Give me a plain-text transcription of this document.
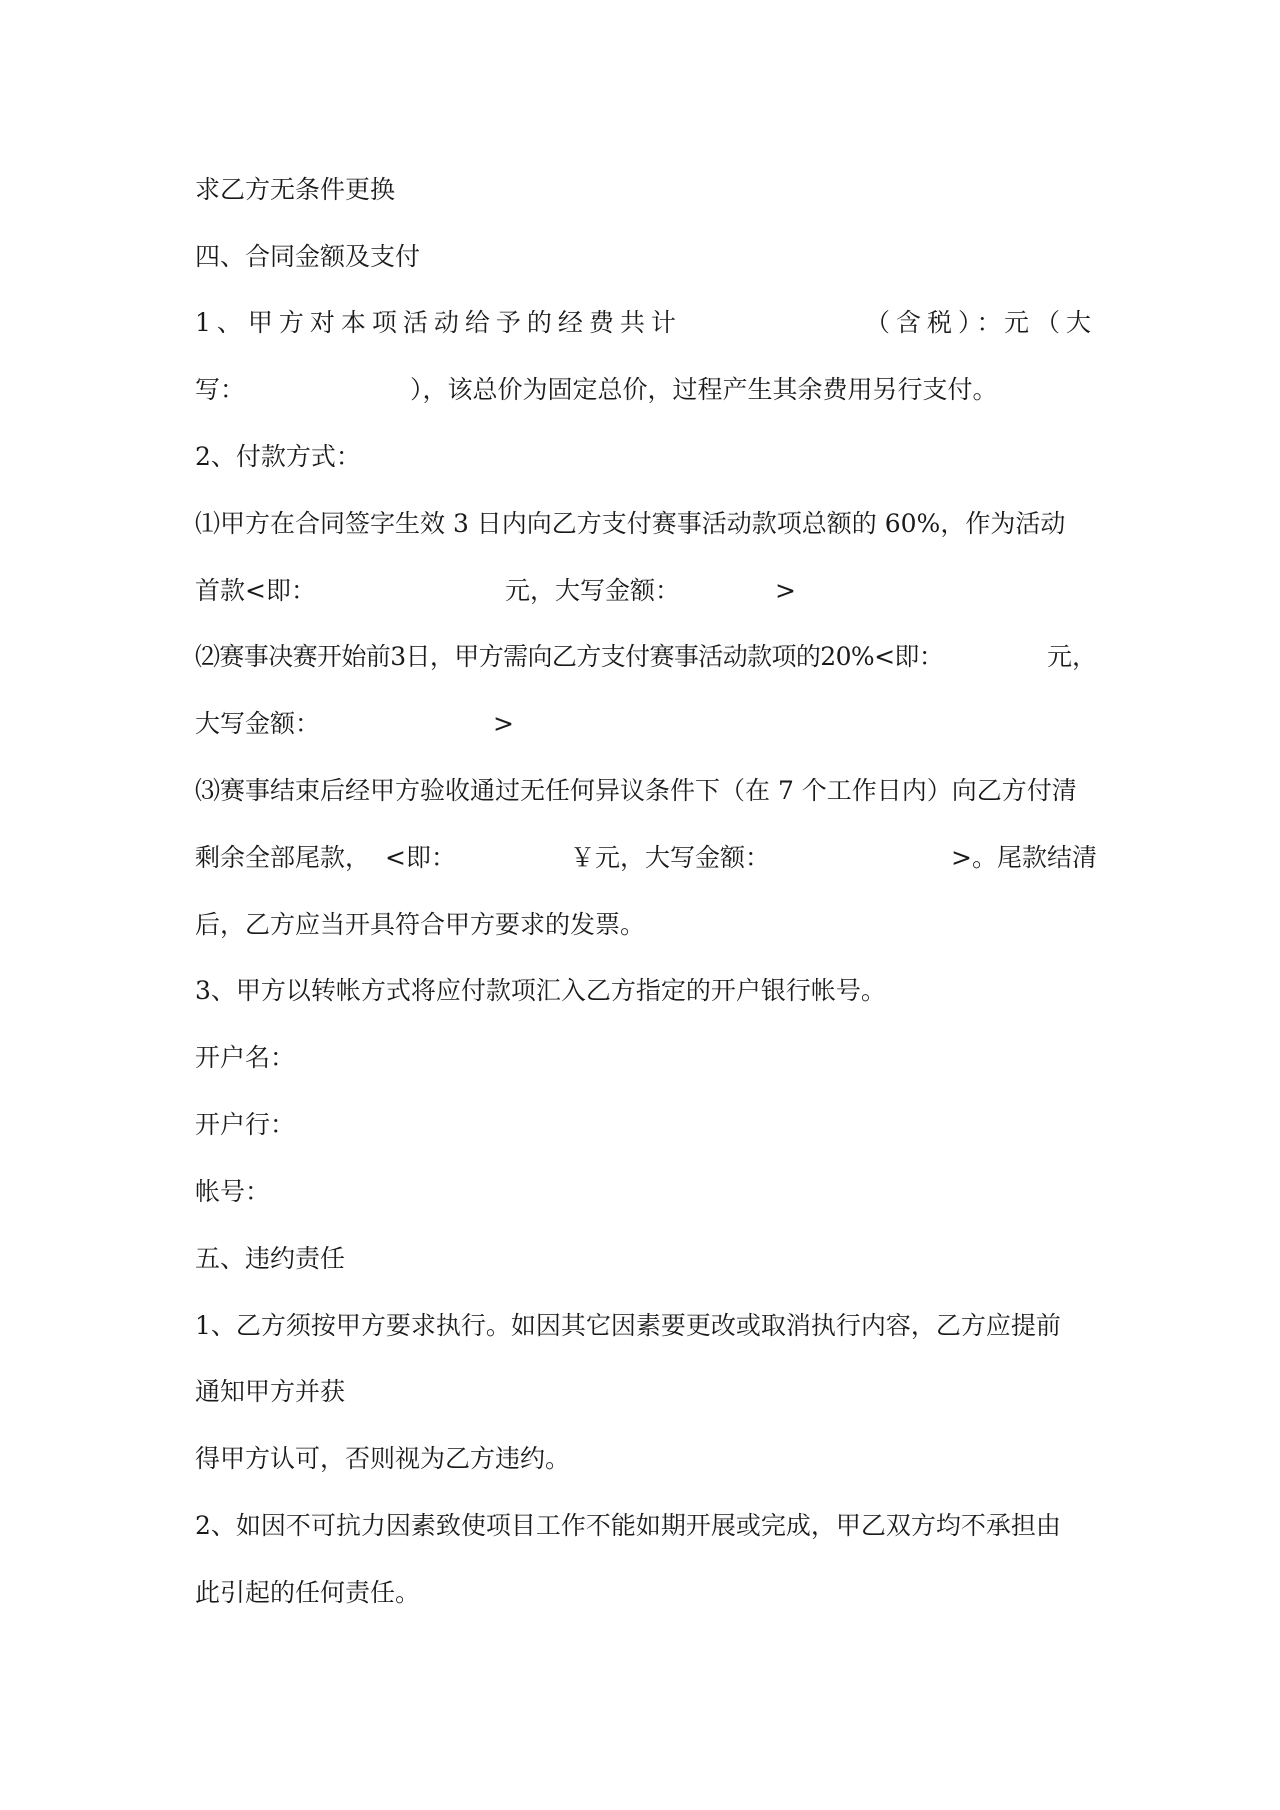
求乙方无条件更换
四、合同金额及支付
1、甲方对本项活动给予的经费共计	（含税）：
元（大
写：	），该总价为固定总价，过程产生其余费用另行支付。
2、付款方式：
⑴甲方在合同签字生效 3 日内向乙方支付赛事活动款项总额的 60%，作为活动
首款<即：	元，大写金额：	>
⑵赛事决赛开始前3日，甲方需向乙方支付赛事活动款项的20%<即：	元，
大写金额：	>
⑶赛事结束后经甲方验收通过无任何异议条件下（在 7 个工作日内）向乙方付清
剩余全部尾款， <即：	￥元，大写金额：	>。尾款结清
后，乙方应当开具符合甲方要求的发票。
3、甲方以转帐方式将应付款项汇入乙方指定的开户银行帐号。
开户名：
开户行：
帐号：
五、违约责任
1、乙方须按甲方要求执行。如因其它因素要更改或取消执行内容，乙方应提前
通知甲方并获
得甲方认可，否则视为乙方违约。
2、如因不可抗力因素致使项目工作不能如期开展或完成，甲乙双方均不承担由
此引起的任何责任。
